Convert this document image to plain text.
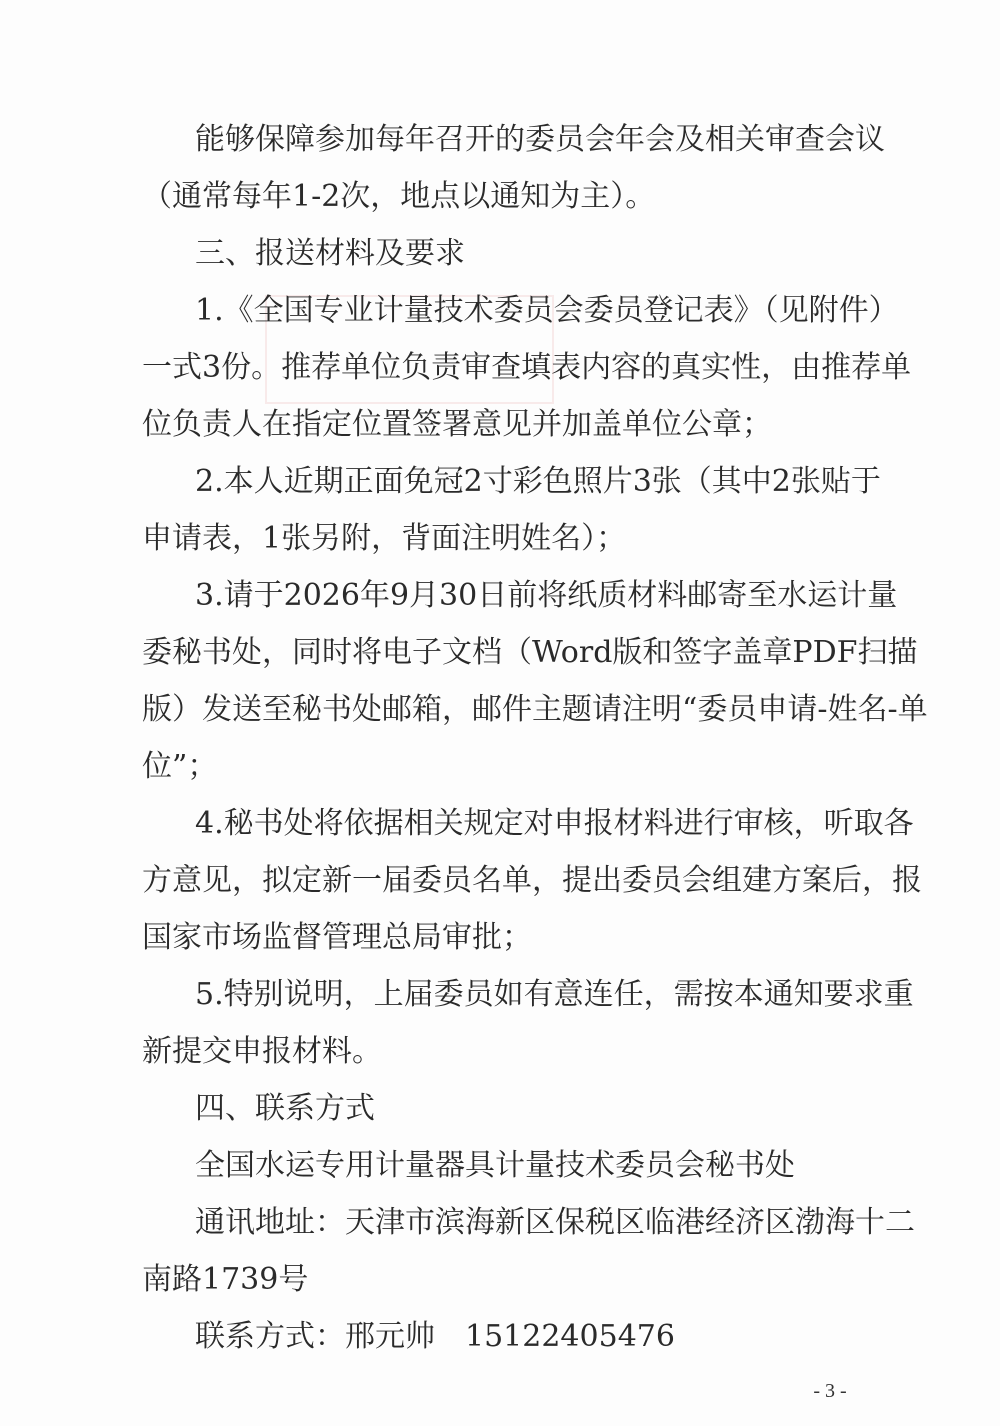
能够保障参加每年召开的委员会年会及相关审查会议
（通常每年1-2次，地点以通知为主）。
三、报送材料及要求
1.《全国专业计量技术委员会委员登记表》（见附件）
一式3份。推荐单位负责审查填表内容的真实性，由推荐单
位负责人在指定位置签署意见并加盖单位公章；
2.本人近期正面免冠2寸彩色照片3张（其中2张贴于
申请表，1张另附，背面注明姓名）；
3.请于2026年9月30日前将纸质材料邮寄至水运计量
委秘书处，同时将电子文档（Word版和签字盖章PDF扫描
版）发送至秘书处邮箱，邮件主题请注明“委员申请-姓名-单
位”；
4.秘书处将依据相关规定对申报材料进行审核，听取各
方意见，拟定新一届委员名单，提出委员会组建方案后，报
国家市场监督管理总局审批；
5.特别说明，上届委员如有意连任，需按本通知要求重
新提交申报材料。
四、联系方式
全国水运专用计量器具计量技术委员会秘书处
通讯地址：天津市滨海新区保税区临港经济区渤海十二
南路1739号
联系方式：邢元帅　15122405476
- 3 -
